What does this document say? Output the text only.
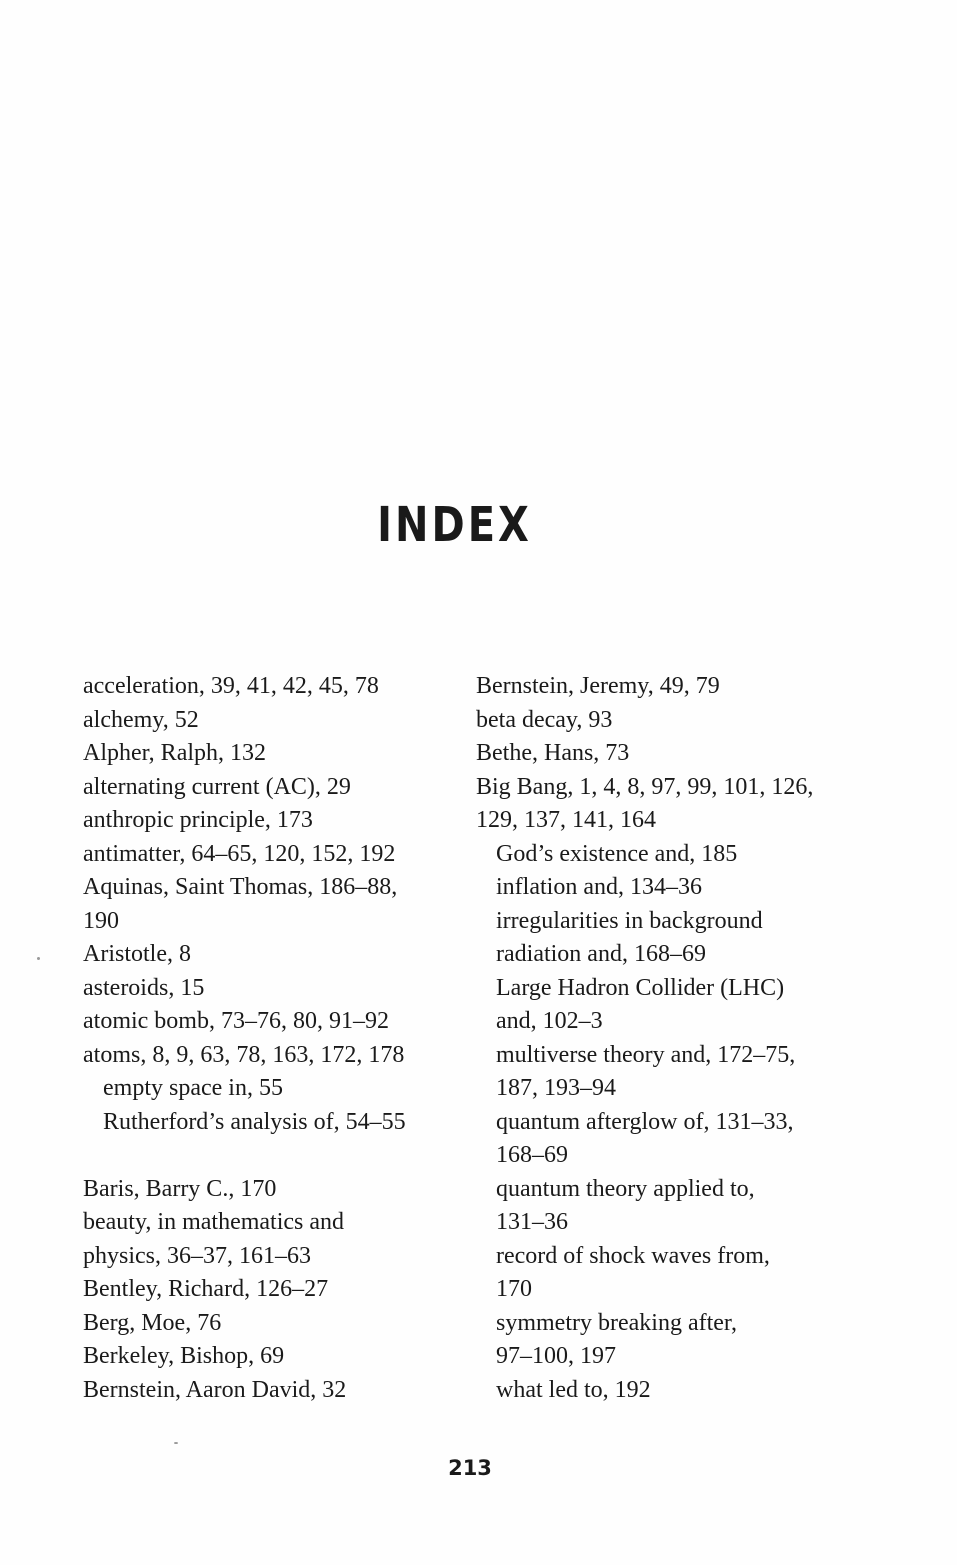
INDEX
acceleration, 39, 41, 42, 45, 78
alchemy, 52
Alpher, Ralph, 132
alternating current (AC), 29
anthropic principle, 173
antimatter, 64–65, 120, 152, 192
Aquinas, Saint Thomas, 186–88,
190
Aristotle, 8
asteroids, 15
atomic bomb, 73–76, 80, 91–92
atoms, 8, 9, 63, 78, 163, 172, 178
empty space in, 55
Rutherford’s analysis of, 54–55
Baris, Barry C., 170
beauty, in mathematics and
physics, 36–37, 161–63
Bentley, Richard, 126–27
Berg, Moe, 76
Berkeley, Bishop, 69
Bernstein, Aaron David, 32
Bernstein, Jeremy, 49, 79
beta decay, 93
Bethe, Hans, 73
Big Bang, 1, 4, 8, 97, 99, 101, 126,
129, 137, 141, 164
God’s existence and, 185
inflation and, 134–36
irregularities in background
radiation and, 168–69
Large Hadron Collider (LHC)
and, 102–3
multiverse theory and, 172–75,
187, 193–94
quantum afterglow of, 131–33,
168–69
quantum theory applied to,
131–36
record of shock waves from,
170
symmetry breaking after,
97–100, 197
what led to, 192
213
